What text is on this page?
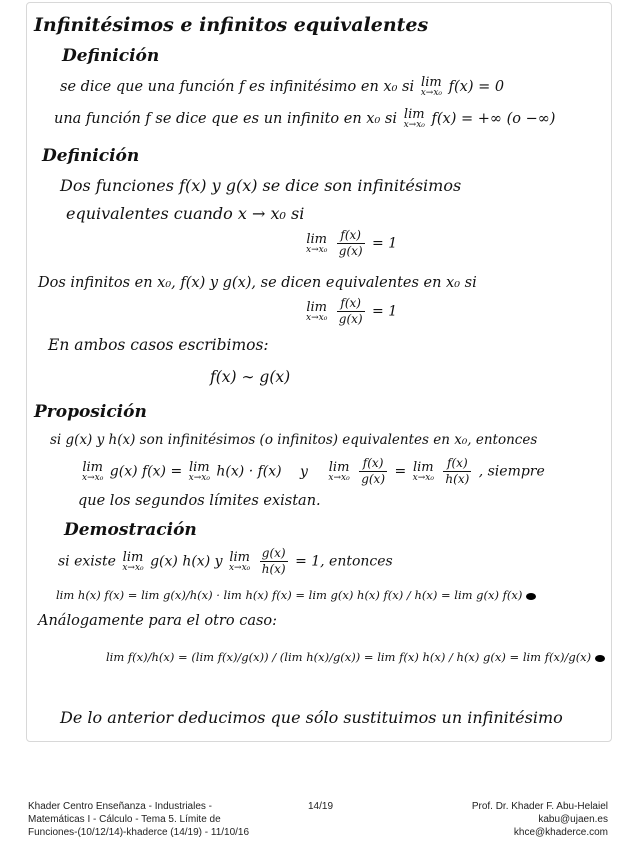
Infinitésimos e infinitos equivalentes
Definición
se dice que una función f es infinitésimo en x₀ si lim
x→x₀ f(x) = 0
una función f se dice que es un infinito en x₀ si lim
x→x₀ f(x) = +∞ (o −∞)
Definición
Dos funciones f(x) y g(x) se dice son infinitésimos
equivalentes cuando x → x₀ si
lim
x→x₀
$\frac{f(x)}{g(x)} = 1$
Dos infinitos en x₀, f(x) y g(x), se dicen equivalentes en x₀ si
lim
x→x₀
$\frac{f(x)}{g(x)} = 1$
En ambos casos escribimos:
f(x) ∼ g(x)
Proposición
si g(x) y h(x) son infinitésimos (o infinitos) equivalentes en x₀, entonces
lim
x→x₀ g(x) f(x) = lim
x→x₀ h(x) · f(x) y lim
x→x₀
$\frac{f(x)}{g(x)} = \lim$
x→x₀
$\frac{f(x)}{h(x)}$ , siempre
que los segundos límites existan.
Demostración
si existe lim
x→x₀ g(x) h(x) y lim
x→x₀
$\frac{g(x)}{h(x)} = 1$, entonces
lim h(x) f(x) = lim g(x)/h(x) · lim h(x) f(x) = lim g(x) h(x) f(x) / h(x) = lim g(x) f(x)
Análogamente para el otro caso:
lim f(x)/h(x) = (lim f(x)/g(x)) / (lim h(x)/g(x)) = lim f(x) h(x) / h(x) g(x) = lim f(x)/g(x)
De lo anterior deducimos que sólo sustituimos un infinitésimo
Khader Centro Enseñanza - Industriales -
Matemáticas I - Cálculo - Tema 5. Límite de
Funciones-(10/12/14)-khaderce (14/19) - 11/10/16
14/19	Prof. Dr. Khader F. Abu-Helaiel
kabu@ujaen.es
khce@khaderce.com
